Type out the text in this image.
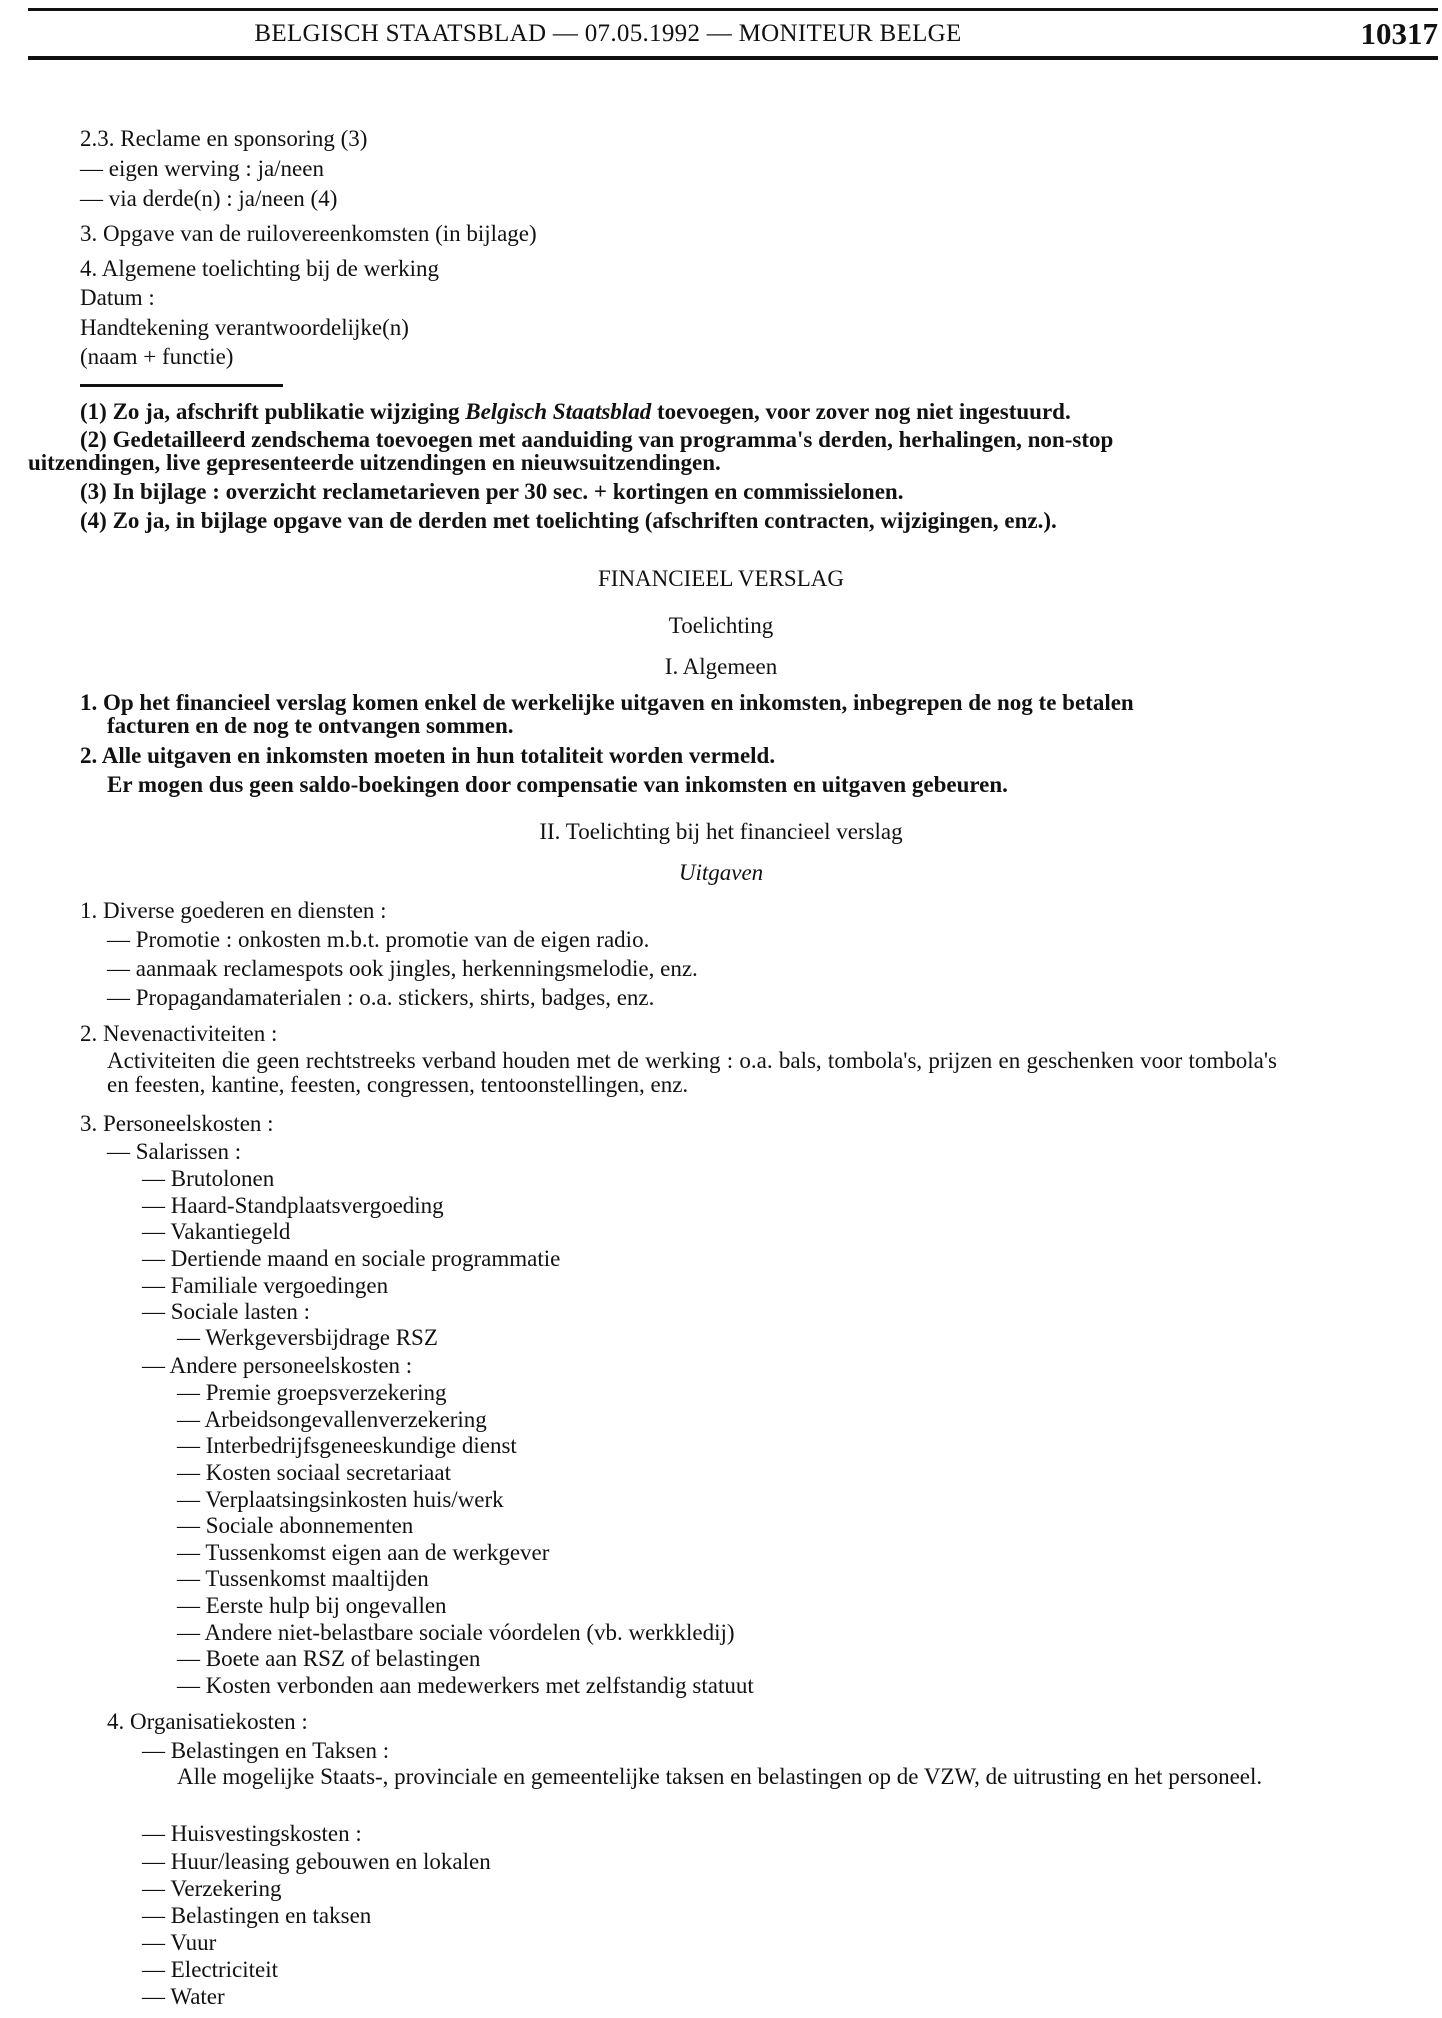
BELGISCH STAATSBLAD — 07.05.1992 — MONITEUR BELGE	10317
2.3. Reclame en sponsoring (3)
— eigen werving : ja/neen
— via derde(n) : ja/neen (4)
3. Opgave van de ruilovereenkomsten (in bijlage)
4. Algemene toelichting bij de werking
Datum :
Handtekening verantwoordelijke(n)
(naam + functie)
(1) Zo ja, afschrift publikatie wijziging Belgisch Staatsblad toevoegen, voor zover nog niet ingestuurd.
(2) Gedetailleerd zendschema toevoegen met aanduiding van programma's derden, herhalingen, non-stop
uitzendingen, live gepresenteerde uitzendingen en nieuwsuitzendingen.
(3) In bijlage : overzicht reclametarieven per 30 sec. + kortingen en commissielonen.
(4) Zo ja, in bijlage opgave van de derden met toelichting (afschriften contracten, wijzigingen, enz.).
FINANCIEEL VERSLAG
Toelichting
I. Algemeen
1. Op het financieel verslag komen enkel de werkelijke uitgaven en inkomsten, inbegrepen de nog te betalen
facturen en de nog te ontvangen sommen.
2. Alle uitgaven en inkomsten moeten in hun totaliteit worden vermeld.
Er mogen dus geen saldo-boekingen door compensatie van inkomsten en uitgaven gebeuren.
II. Toelichting bij het financieel verslag
Uitgaven
1. Diverse goederen en diensten :
— Promotie : onkosten m.b.t. promotie van de eigen radio.
— aanmaak reclamespots ook jingles, herkenningsmelodie, enz.
— Propagandamaterialen : o.a. stickers, shirts, badges, enz.
2. Nevenactiviteiten :
Activiteiten die geen rechtstreeks verband houden met de werking : o.a. bals, tombola's, prijzen en geschenken voor tombola's en feesten, kantine, feesten, congressen, tentoonstellingen, enz.
3. Personeelskosten :
— Salarissen :
— Brutolonen
— Haard-Standplaatsvergoeding
— Vakantiegeld
— Dertiende maand en sociale programmatie
— Familiale vergoedingen
— Sociale lasten :
— Werkgeversbijdrage RSZ
— Andere personeelskosten :
— Premie groepsverzekering
— Arbeidsongevallenverzekering
— Interbedrijfsgeneeskundige dienst
— Kosten sociaal secretariaat
— Verplaatsingsinkosten huis/werk
— Sociale abonnementen
— Tussenkomst eigen aan de werkgever
— Tussenkomst maaltijden
— Eerste hulp bij ongevallen
— Andere niet-belastbare sociale vóordelen (vb. werkkledij)
— Boete aan RSZ of belastingen
— Kosten verbonden aan medewerkers met zelfstandig statuut
4. Organisatiekosten :
— Belastingen en Taksen :
Alle mogelijke Staats-, provinciale en gemeentelijke taksen en belastingen op de VZW, de uitrusting en het personeel.
— Huisvestingskosten :
— Huur/leasing gebouwen en lokalen
— Verzekering
— Belastingen en taksen
— Vuur
— Electriciteit
— Water
